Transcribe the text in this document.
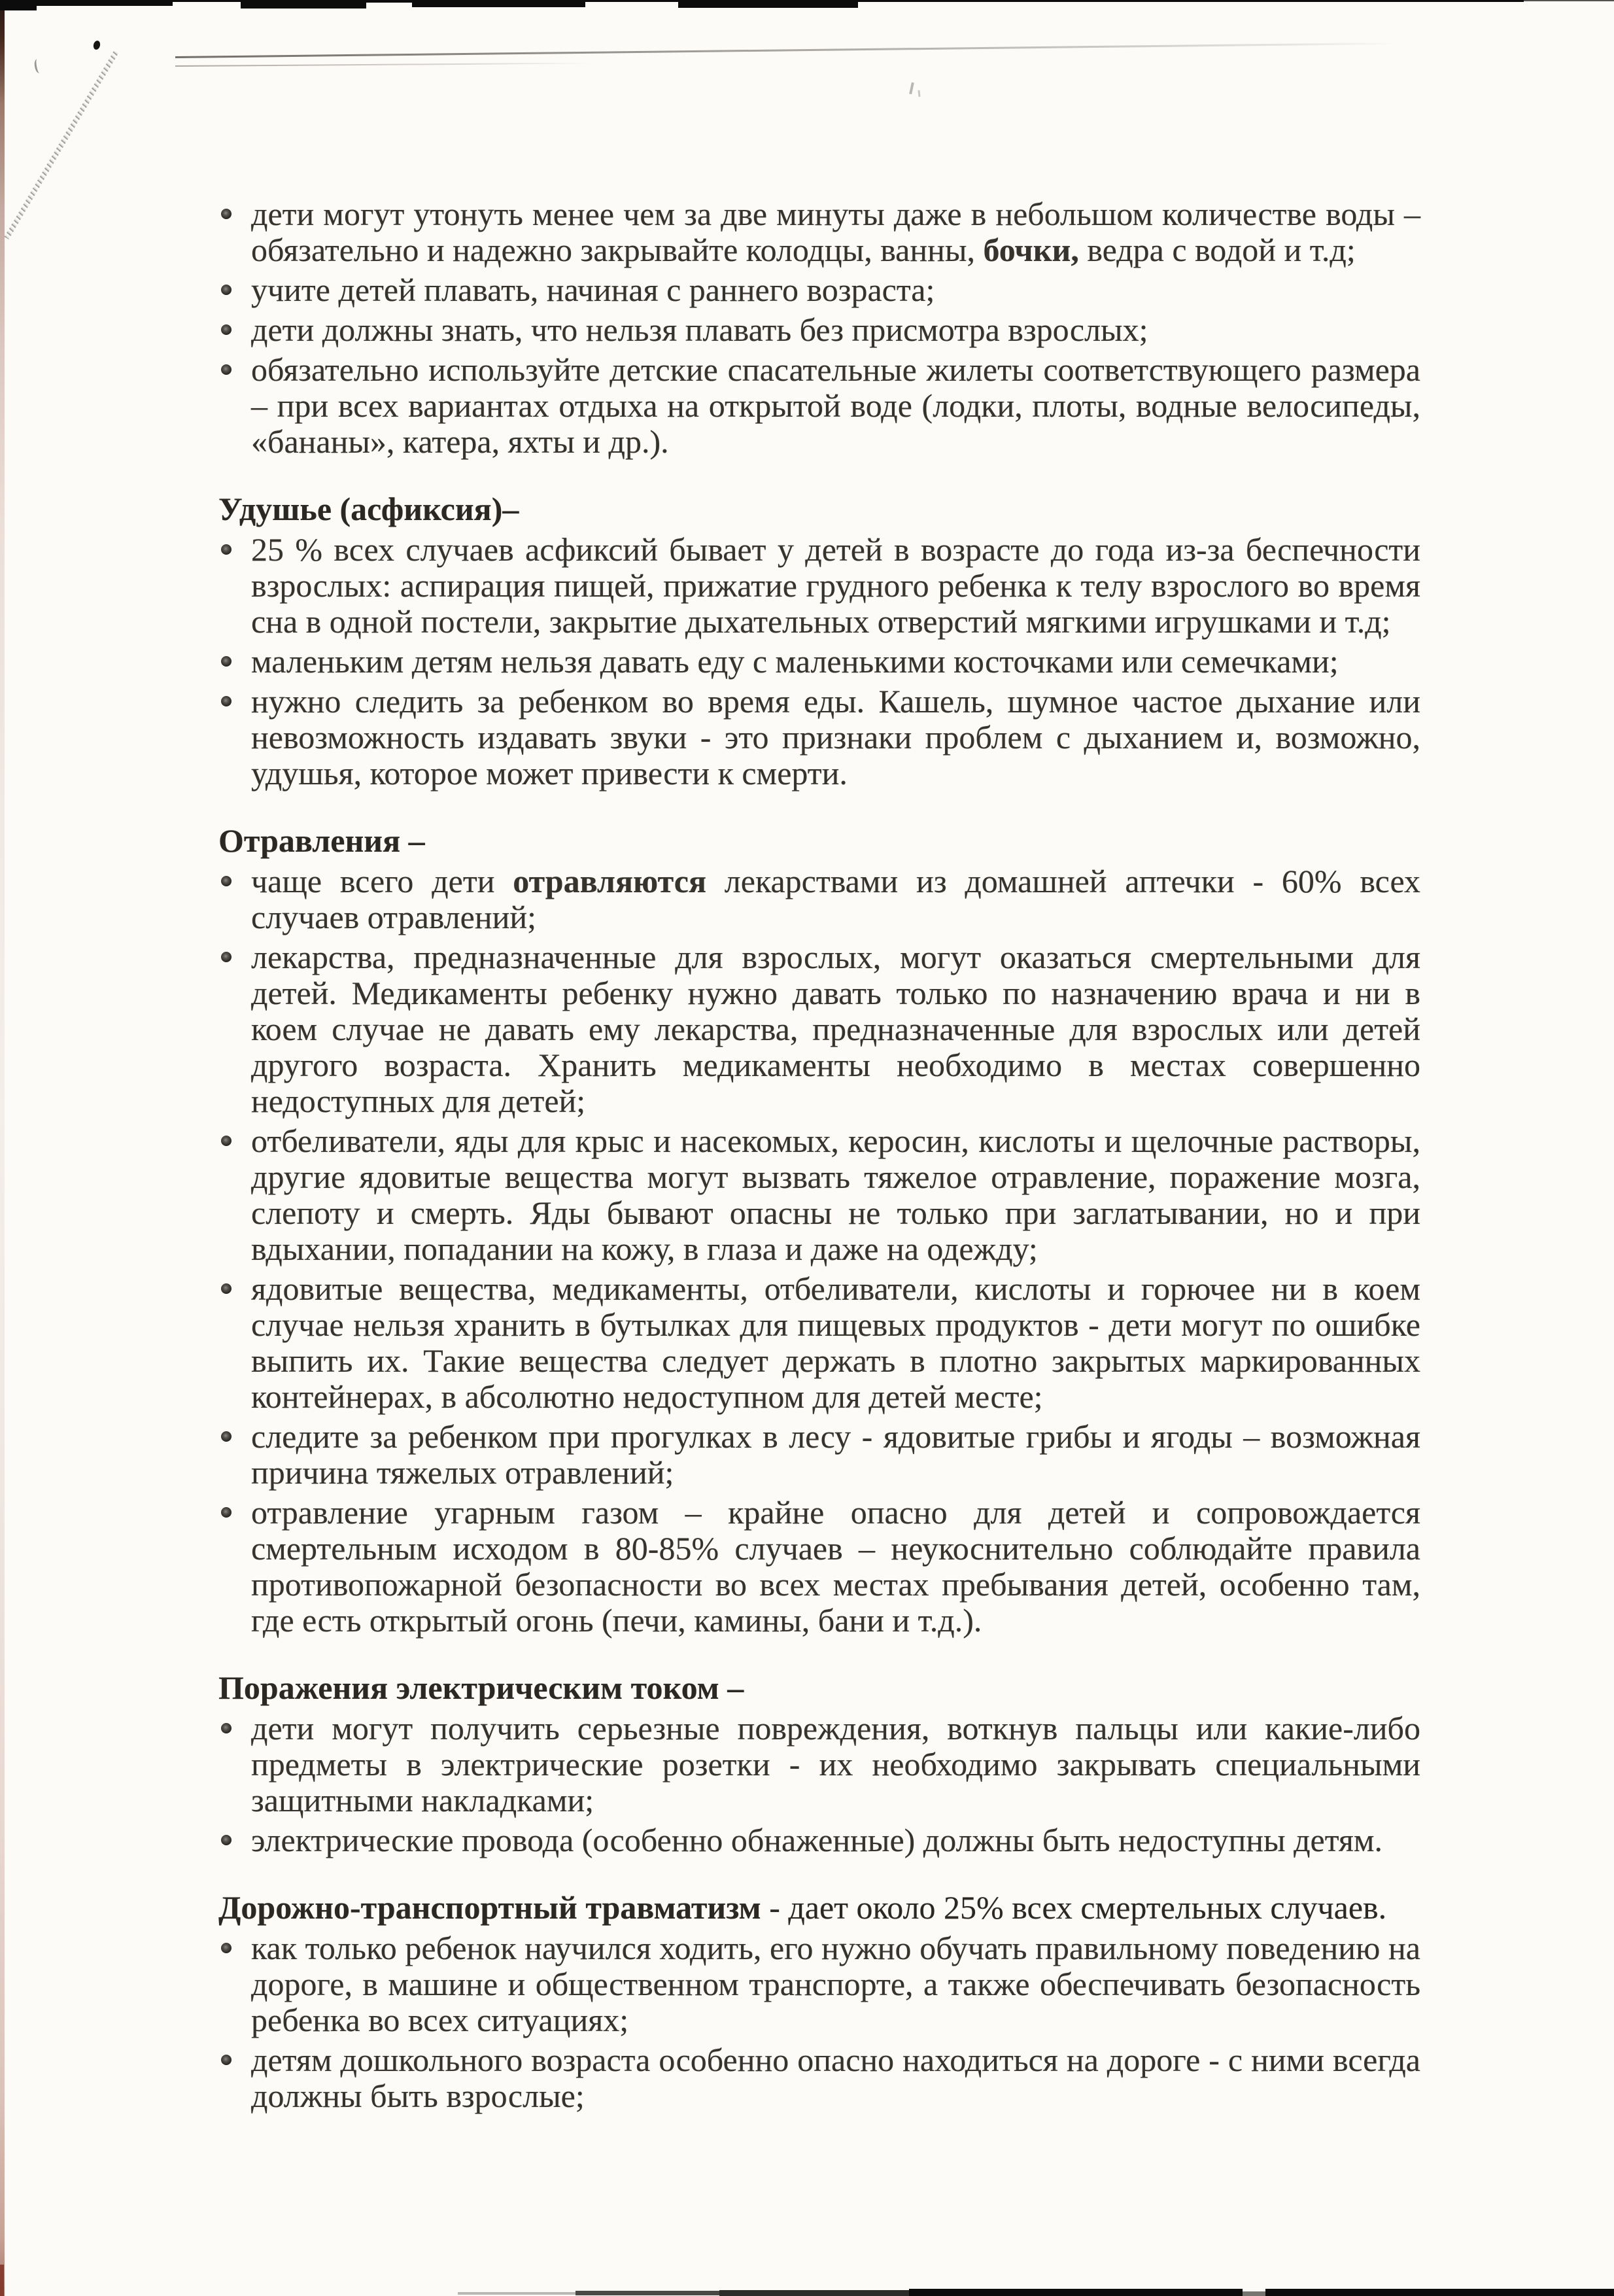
дети могут утонуть менее чем за две минуты даже в небольшом количестве воды – обязательно и надежно закрывайте колодцы, ванны, бочки, ведра с водой и т.д;
учите детей плавать, начиная с раннего возраста;
дети должны знать, что нельзя плавать без присмотра взрослых;
обязательно используйте детские спасательные жилеты соответствующего размера – при всех вариантах отдыха на открытой воде (лодки, плоты, водные велосипеды, «бананы», катера, яхты и др.).
Удушье (асфиксия)–
25 % всех случаев асфиксий бывает у детей в возрасте до года из-за беспечности взрослых: аспирация пищей, прижатие грудного ребенка к телу взрослого во время сна в одной постели, закрытие дыхательных отверстий мягкими игрушками и т.д;
маленьким детям нельзя давать еду с маленькими косточками или семечками;
нужно следить за ребенком во время еды. Кашель, шумное частое дыхание или невозможность издавать звуки - это признаки проблем с дыханием и, возможно, удушья, которое может привести к смерти.
Отравления –
чаще всего дети отравляются лекарствами из домашней аптечки - 60% всех случаев отравлений;
лекарства, предназначенные для взрослых, могут оказаться смертельными для детей. Медикаменты ребенку нужно давать только по назначению врача и ни в коем случае не давать ему лекарства, предназначенные для взрослых или детей другого возраста. Хранить медикаменты необходимо в местах совершенно недоступных для детей;
отбеливатели, яды для крыс и насекомых, керосин, кислоты и щелочные растворы, другие ядовитые вещества могут вызвать тяжелое отравление, поражение мозга, слепоту и смерть. Яды бывают опасны не только при заглатывании, но и при вдыхании, попадании на кожу, в глаза и даже на одежду;
ядовитые вещества, медикаменты, отбеливатели, кислоты и горючее ни в коем случае нельзя хранить в бутылках для пищевых продуктов - дети могут по ошибке выпить их. Такие вещества следует держать в плотно закрытых маркированных контейнерах, в абсолютно недоступном для детей месте;
следите за ребенком при прогулках в лесу - ядовитые грибы и ягоды – возможная причина тяжелых отравлений;
отравление угарным газом – крайне опасно для детей и сопровождается смертельным исходом в 80-85% случаев – неукоснительно соблюдайте правила противопожарной безопасности во всех местах пребывания детей, особенно там, где есть открытый огонь (печи, камины, бани и т.д.).
Поражения электрическим током –
дети могут получить серьезные повреждения, воткнув пальцы или какие-либо предметы в электрические розетки - их необходимо закрывать специальными защитными накладками;
электрические провода (особенно обнаженные) должны быть недоступны детям.
Дорожно-транспортный травматизм - дает около 25% всех смертельных случаев.
как только ребенок научился ходить, его нужно обучать правильному поведению на дороге, в машине и общественном транспорте, а также обеспечивать безопасность ребенка во всех ситуациях;
детям дошкольного возраста особенно опасно находиться на дороге - с ними всегда должны быть взрослые;
